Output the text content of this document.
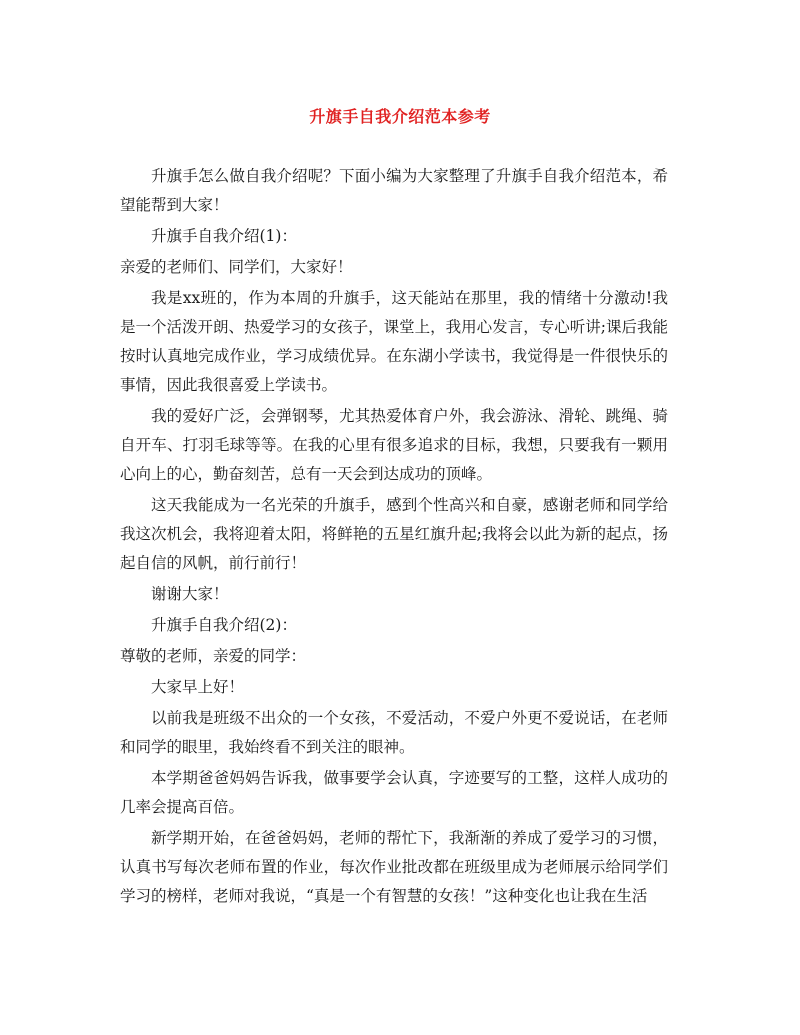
升旗手自我介绍范本参考

升旗手怎么做自我介绍呢？下面小编为大家整理了升旗手自我介绍范本，希望能帮到大家！

升旗手自我介绍(1)：

亲爱的老师们、同学们，大家好！

我是xx班的，作为本周的升旗手，这天能站在那里，我的情绪十分激动!我是一个活泼开朗、热爱学习的女孩子，课堂上，我用心发言，专心听讲;课后我能按时认真地完成作业，学习成绩优异。在东湖小学读书，我觉得是一件很快乐的事情，因此我很喜爱上学读书。

我的爱好广泛，会弹钢琴，尤其热爱体育户外，我会游泳、滑轮、跳绳、骑自开车、打羽毛球等等。在我的心里有很多追求的目标，我想，只要我有一颗用心向上的心，勤奋刻苦，总有一天会到达成功的顶峰。

这天我能成为一名光荣的升旗手，感到个性高兴和自豪，感谢老师和同学给我这次机会，我将迎着太阳，将鲜艳的五星红旗升起;我将会以此为新的起点，扬起自信的风帆，前行前行！

谢谢大家！

升旗手自我介绍(2)：

尊敬的老师，亲爱的同学：

大家早上好！

以前我是班级不出众的一个女孩，不爱活动，不爱户外更不爱说话，在老师和同学的眼里，我始终看不到关注的眼神。

本学期爸爸妈妈告诉我，做事要学会认真，字迹要写的工整，这样人成功的几率会提高百倍。

新学期开始，在爸爸妈妈，老师的帮忙下，我渐渐的养成了爱学习的习惯，认真书写每次老师布置的作业，每次作业批改都在班级里成为老师展示给同学们学习的榜样，老师对我说，“真是一个有智慧的女孩！”这种变化也让我在生活
